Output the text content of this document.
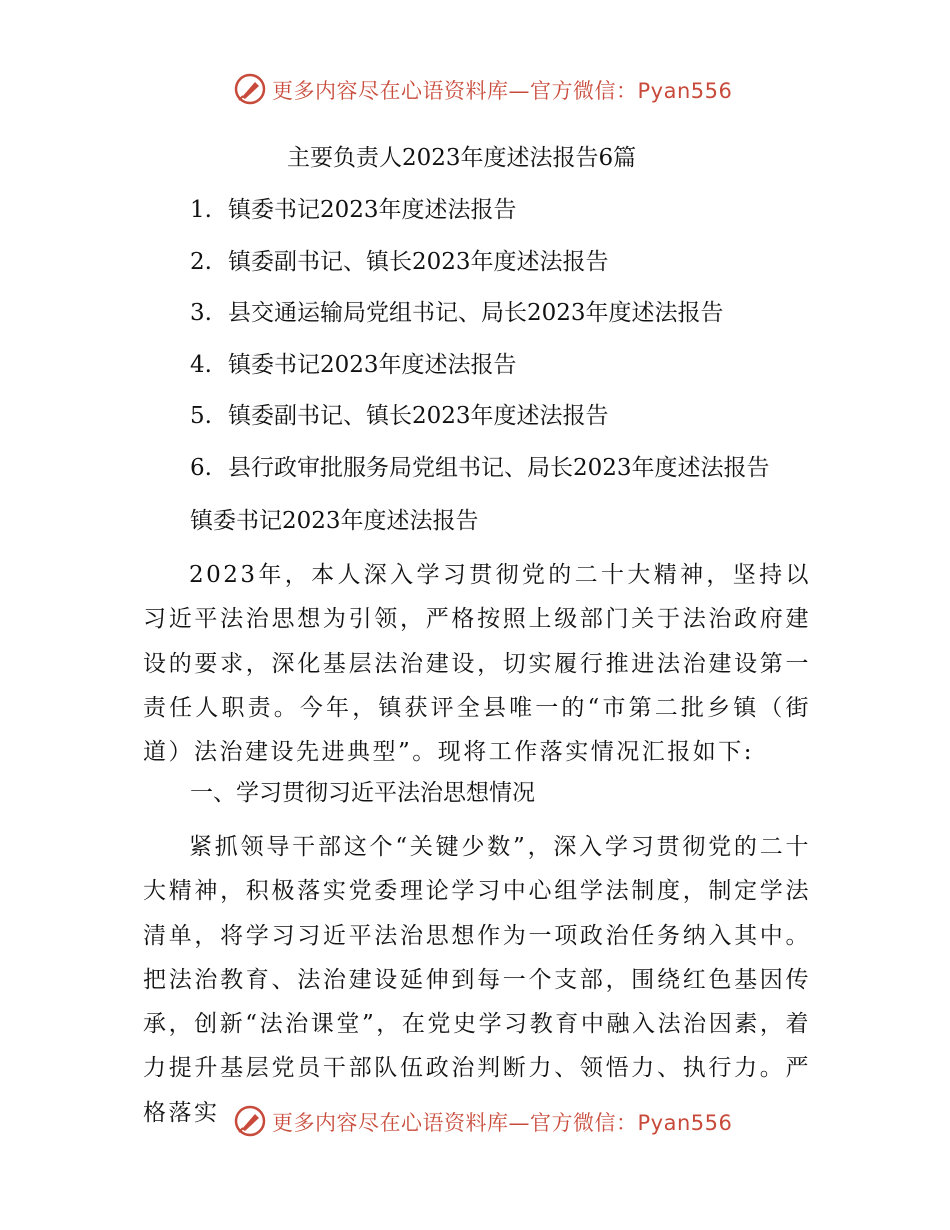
更多内容尽在心语资料库—官方微信：Pyan556
主要负责人2023年度述法报告6篇
1. 镇委书记2023年度述法报告
2. 镇委副书记、镇长2023年度述法报告
3. 县交通运输局党组书记、局长2023年度述法报告
4. 镇委书记2023年度述法报告
5. 镇委副书记、镇长2023年度述法报告
6. 县行政审批服务局党组书记、局长2023年度述法报告
镇委书记2023年度述法报告
2023年，本人深入学习贯彻党的二十大精神，坚持以习近平法治思想为引领，严格按照上级部门关于法治政府建设的要求，深化基层法治建设，切实履行推进法治建设第一责任人职责。今年，镇获评全县唯一的“市第二批乡镇（街道）法治建设先进典型”。现将工作落实情况汇报如下:
一、学习贯彻习近平法治思想情况
紧抓领导干部这个“关键少数”，深入学习贯彻党的二十大精神，积极落实党委理论学习中心组学法制度，制定学法清单，将学习习近平法治思想作为一项政治任务纳入其中。把法治教育、法治建设延伸到每一个支部，围绕红色基因传承，创新“法治课堂”，在党史学习教育中融入法治因素，着力提升基层党员干部队伍政治判断力、领悟力、执行力。严格落实	更多内容尽在心语资料库—官方微信：Pyan556
